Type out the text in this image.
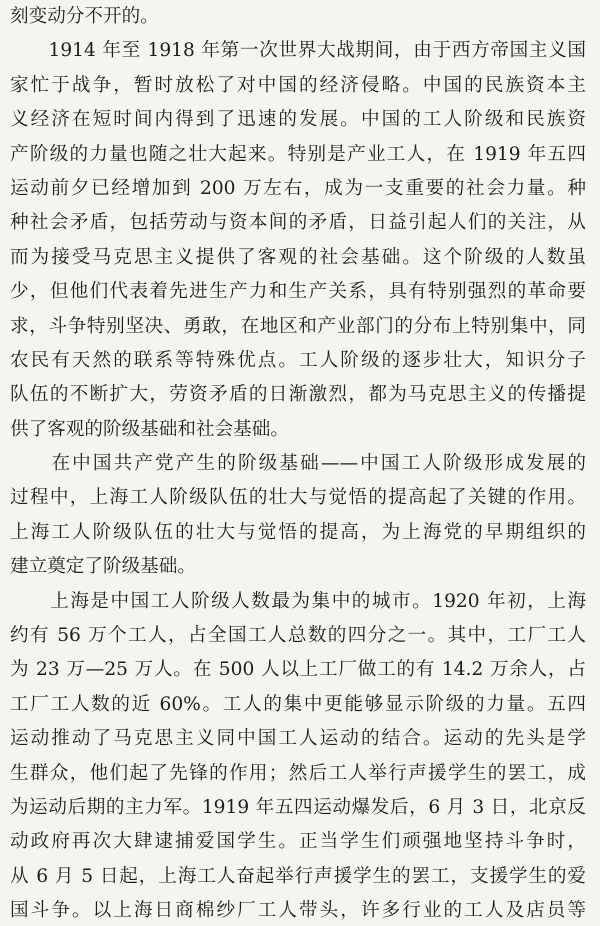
刻变动分不开的。
　　1914 年至 1918 年第一次世界大战期间，由于西方帝国主义国
家忙于战争，暂时放松了对中国的经济侵略。中国的民族资本主
义经济在短时间内得到了迅速的发展。中国的工人阶级和民族资
产阶级的力量也随之壮大起来。特别是产业工人，在 1919 年五四
运动前夕已经增加到 200 万左右，成为一支重要的社会力量。种
种社会矛盾，包括劳动与资本间的矛盾，日益引起人们的关注，从
而为接受马克思主义提供了客观的社会基础。这个阶级的人数虽
少，但他们代表着先进生产力和生产关系，具有特别强烈的革命要
求，斗争特别坚决、勇敢，在地区和产业部门的分布上特别集中，同
农民有天然的联系等特殊优点。工人阶级的逐步壮大，知识分子
队伍的不断扩大，劳资矛盾的日渐激烈，都为马克思主义的传播提
供了客观的阶级基础和社会基础。
　　在中国共产党产生的阶级基础——中国工人阶级形成发展的
过程中，上海工人阶级队伍的壮大与觉悟的提高起了关键的作用。
上海工人阶级队伍的壮大与觉悟的提高，为上海党的早期组织的
建立奠定了阶级基础。
　　上海是中国工人阶级人数最为集中的城市。1920 年初，上海
约有 56 万个工人，占全国工人总数的四分之一。其中，工厂工人
为 23 万—25 万人。在 500 人以上工厂做工的有 14.2 万余人，占
工厂工人数的近 60%。工人的集中更能够显示阶级的力量。五四
运动推动了马克思主义同中国工人运动的结合。运动的先头是学
生群众，他们起了先锋的作用；然后工人举行声援学生的罢工，成
为运动后期的主力军。1919 年五四运动爆发后，6 月 3 日，北京反
动政府再次大肆逮捕爱国学生。正当学生们顽强地坚持斗争时，
从 6 月 5 日起，上海工人奋起举行声援学生的罢工，支援学生的爱
国斗争。以上海日商棉纱厂工人带头，许多行业的工人及店员等
